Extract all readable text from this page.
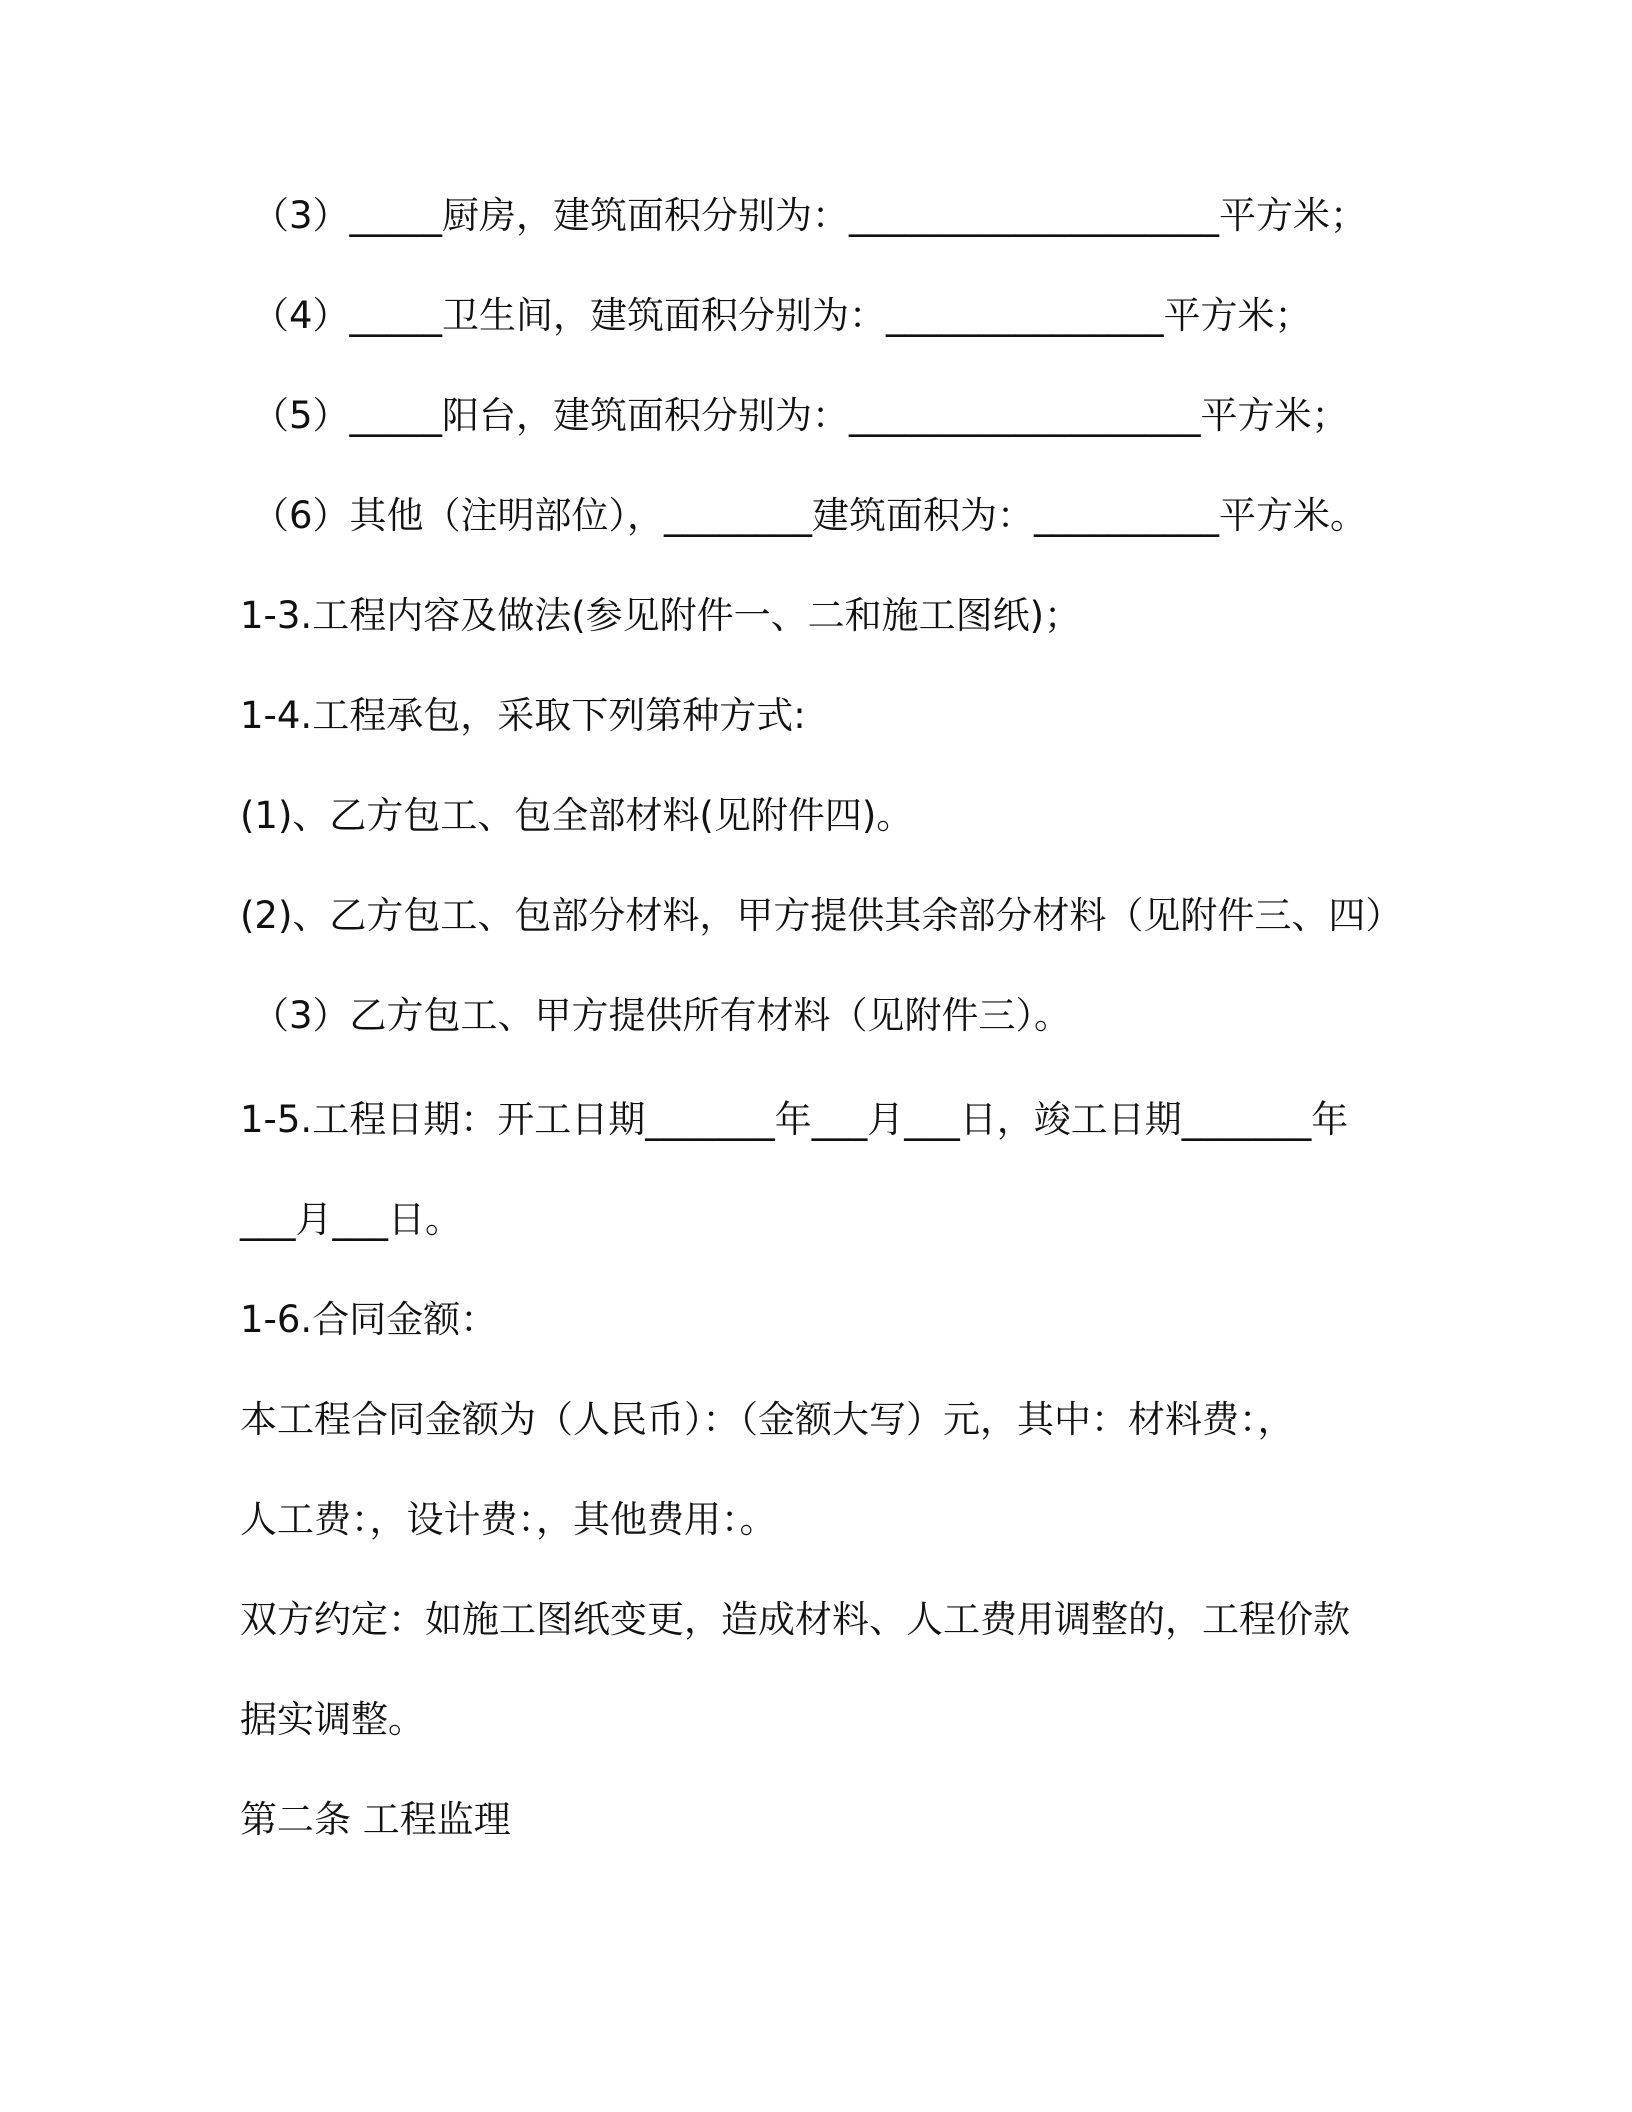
（3）_____厨房，建筑面积分别为：____________________平方米；
（4）_____卫生间，建筑面积分别为：_______________平方米；
（5）_____阳台，建筑面积分别为：___________________平方米；
（6）其他（注明部位），________建筑面积为：__________平方米。
1-3.工程内容及做法(参见附件一、二和施工图纸)；
1-4.工程承包，采取下列第种方式:
(1)、乙方包工、包全部材料(见附件四)。
(2)、乙方包工、包部分材料，甲方提供其余部分材料（见附件三、四）
（3）乙方包工、甲方提供所有材料（见附件三）。
1-5.工程日期：开工日期_______年___月___日，竣工日期_______年
___月___日。
1-6.合同金额：
本工程合同金额为（人民币）：（金额大写）元，其中：材料费：，
人工费：，设计费：，其他费用：。
双方约定：如施工图纸变更，造成材料、人工费用调整的，工程价款
据实调整。
第二条 工程监理
